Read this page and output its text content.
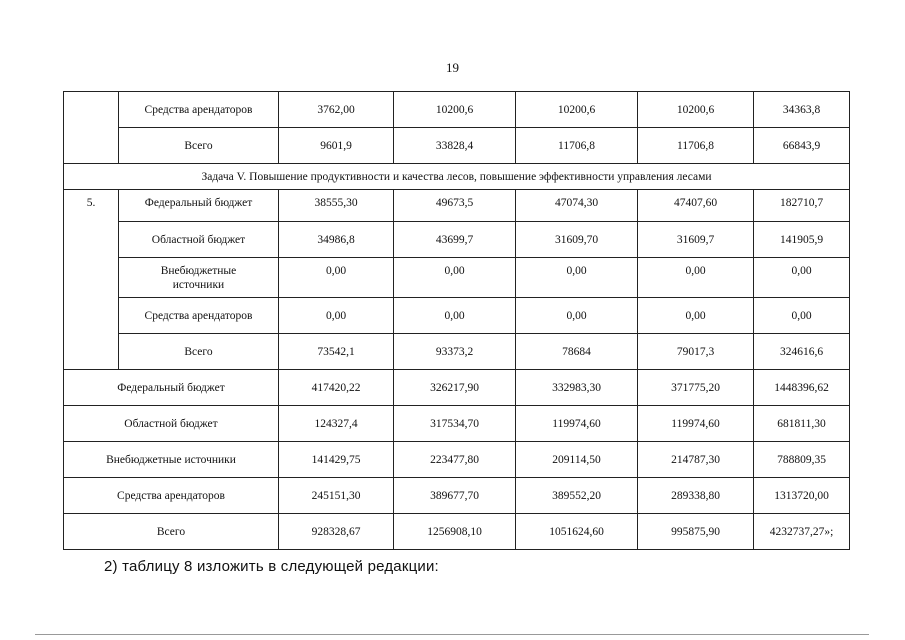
19
	Средства арендаторов	3762,00	10200,6	10200,6	10200,6	34363,8
	Всего	9601,9	33828,4	11706,8	11706,8	66843,9
Задача V. Повышение продуктивности и качества лесов, повышение эффективности управления лесами						
5.	Федеральный бюджет	38555,30	49673,5	47074,30	47407,60	182710,7
	Областной бюджет	34986,8	43699,7	31609,70	31609,7	141905,9
	Внебюджетные источники	0,00	0,00	0,00	0,00	0,00
	Средства арендаторов	0,00	0,00	0,00	0,00	0,00
	Всего	73542,1	93373,2	78684	79017,3	324616,6
Федеральный бюджет		417420,22	326217,90	332983,30	371775,20	1448396,62
Областной бюджет		124327,4	317534,70	119974,60	119974,60	681811,30
Внебюджетные источники		141429,75	223477,80	209114,50	214787,30	788809,35
Средства арендаторов		245151,30	389677,70	389552,20	289338,80	1313720,00
Всего		928328,67	1256908,10	1051624,60	995875,90	4232737,27»;
2) таблицу 8 изложить в следующей редакции:
